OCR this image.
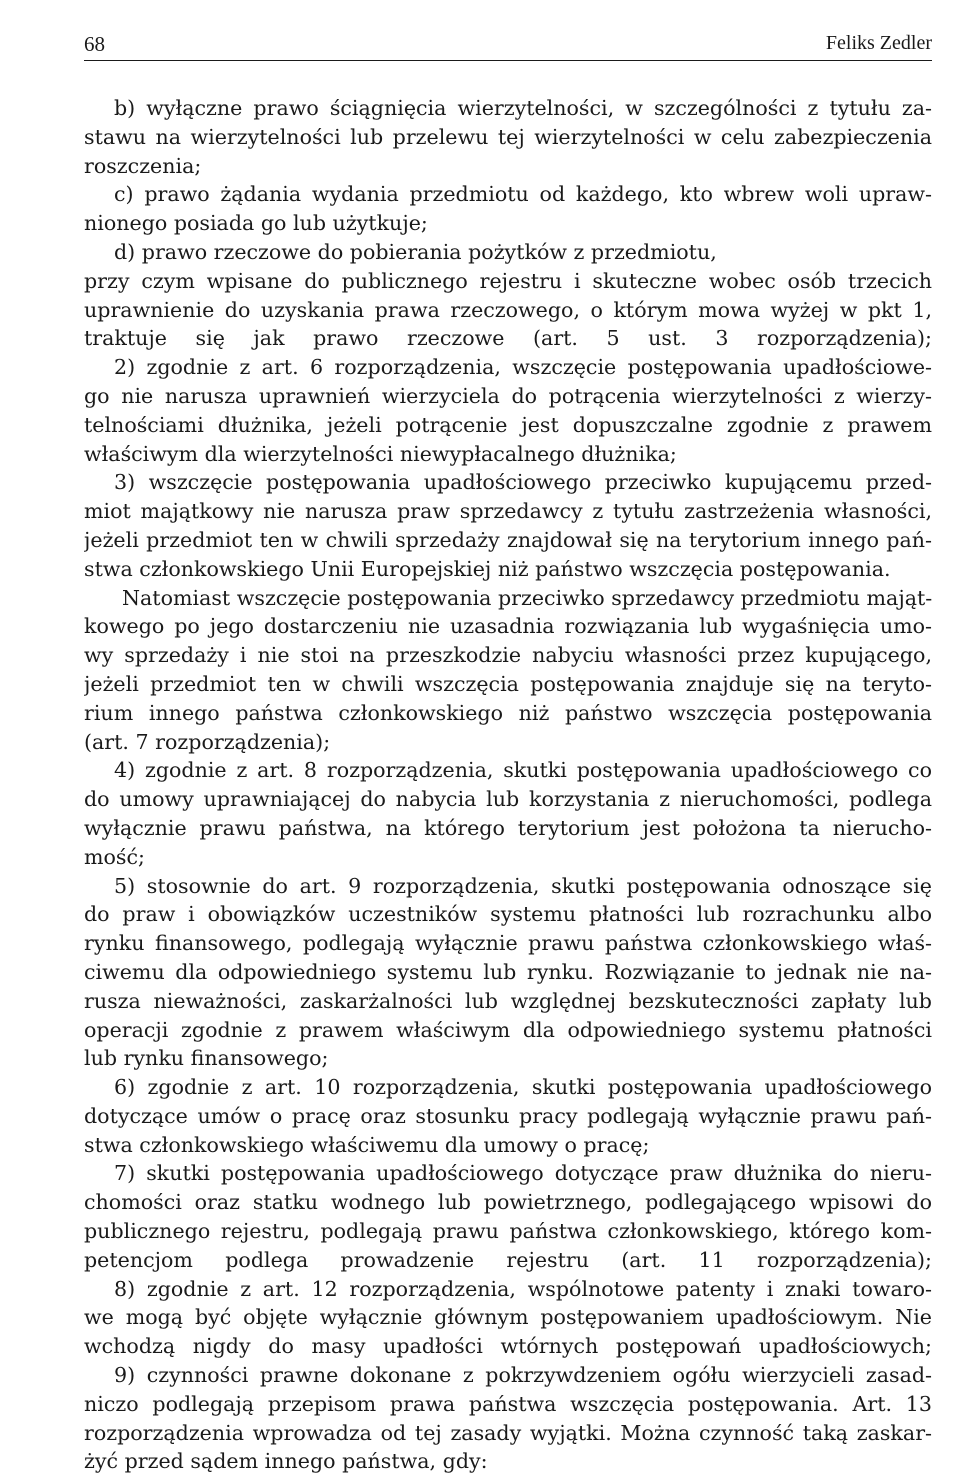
68	Feliks Zedler
b) wyłączne prawo ściągnięcia wierzytelności, w szczególności z tytułu za-
stawu na wierzytelności lub przelewu tej wierzytelności w celu zabezpieczenia
roszczenia;
c) prawo żądania wydania przedmiotu od każdego, kto wbrew woli upraw-
nionego posiada go lub użytkuje;
d) prawo rzeczowe do pobierania pożytków z przedmiotu,
przy czym wpisane do publicznego rejestru i skuteczne wobec osób trzecich
uprawnienie do uzyskania prawa rzeczowego, o którym mowa wyżej w pkt 1,
traktuje się jak prawo rzeczowe (art. 5 ust. 3 rozporządzenia);
2) zgodnie z art. 6 rozporządzenia, wszczęcie postępowania upadłościowe-
go nie narusza uprawnień wierzyciela do potrącenia wierzytelności z wierzy-
telnościami dłużnika, jeżeli potrącenie jest dopuszczalne zgodnie z prawem
właściwym dla wierzytelności niewypłacalnego dłużnika;
3) wszczęcie postępowania upadłościowego przeciwko kupującemu przed-
miot majątkowy nie narusza praw sprzedawcy z tytułu zastrzeżenia własności,
jeżeli przedmiot ten w chwili sprzedaży znajdował się na terytorium innego pań-
stwa członkowskiego Unii Europejskiej niż państwo wszczęcia postępowania.
Natomiast wszczęcie postępowania przeciwko sprzedawcy przedmiotu mająt-
kowego po jego dostarczeniu nie uzasadnia rozwiązania lub wygaśnięcia umo-
wy sprzedaży i nie stoi na przeszkodzie nabyciu własności przez kupującego,
jeżeli przedmiot ten w chwili wszczęcia postępowania znajduje się na teryto-
rium innego państwa członkowskiego niż państwo wszczęcia postępowania
(art. 7 rozporządzenia);
4) zgodnie z art. 8 rozporządzenia, skutki postępowania upadłościowego co
do umowy uprawniającej do nabycia lub korzystania z nieruchomości, podlega
wyłącznie prawu państwa, na którego terytorium jest położona ta nierucho-
mość;
5) stosownie do art. 9 rozporządzenia, skutki postępowania odnoszące się
do praw i obowiązków uczestników systemu płatności lub rozrachunku albo
rynku finansowego, podlegają wyłącznie prawu państwa członkowskiego właś-
ciwemu dla odpowiedniego systemu lub rynku. Rozwiązanie to jednak nie na-
rusza nieważności, zaskarżalności lub względnej bezskuteczności zapłaty lub
operacji zgodnie z prawem właściwym dla odpowiedniego systemu płatności
lub rynku finansowego;
6) zgodnie z art. 10 rozporządzenia, skutki postępowania upadłościowego
dotyczące umów o pracę oraz stosunku pracy podlegają wyłącznie prawu pań-
stwa członkowskiego właściwemu dla umowy o pracę;
7) skutki postępowania upadłościowego dotyczące praw dłużnika do nieru-
chomości oraz statku wodnego lub powietrznego, podlegającego wpisowi do
publicznego rejestru, podlegają prawu państwa członkowskiego, którego kom-
petencjom podlega prowadzenie rejestru (art. 11 rozporządzenia);
8) zgodnie z art. 12 rozporządzenia, wspólnotowe patenty i znaki towaro-
we mogą być objęte wyłącznie głównym postępowaniem upadłościowym. Nie
wchodzą nigdy do masy upadłości wtórnych postępowań upadłościowych;
9) czynności prawne dokonane z pokrzywdzeniem ogółu wierzycieli zasad-
niczo podlegają przepisom prawa państwa wszczęcia postępowania. Art. 13
rozporządzenia wprowadza od tej zasady wyjątki. Można czynność taką zaskar-
żyć przed sądem innego państwa, gdy:
